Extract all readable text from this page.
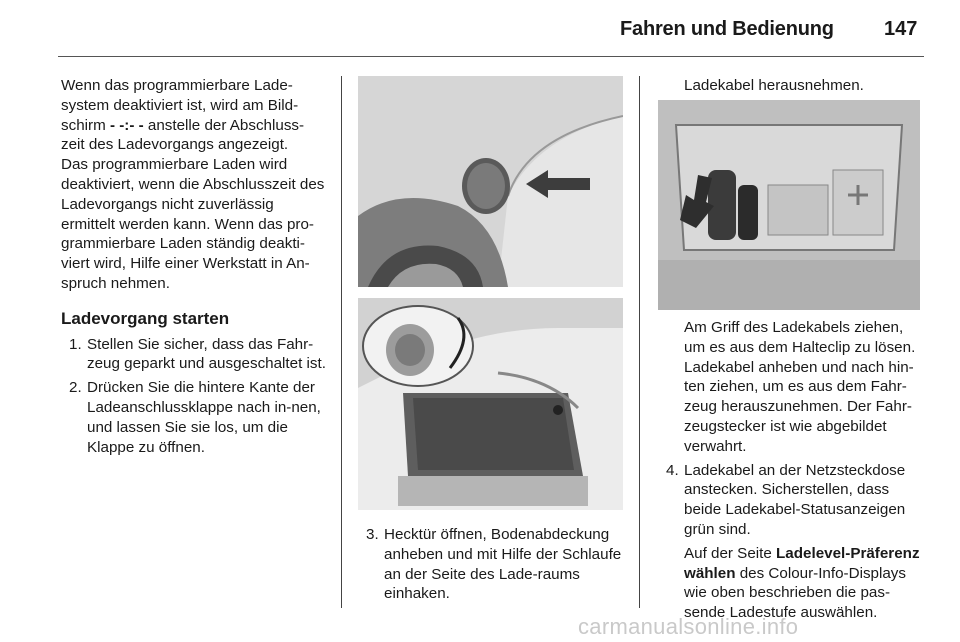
Fahren und Bedienung	147

Wenn das programmierbare Lade-system deaktiviert ist, wird am Bild-schirm - -:- - anstelle der Abschluss-zeit des Ladevorgangs angezeigt.

Das programmierbare Laden wird deaktiviert, wenn die Abschlusszeit des Ladevorgangs nicht zuverlässig ermittelt werden kann. Wenn das pro-grammierbare Laden ständig deakti-viert wird, Hilfe einer Werkstatt in An-spruch nehmen.

Ladevorgang starten

1. Stellen Sie sicher, dass das Fahr-zeug geparkt und ausgeschaltet ist.
2. Drücken Sie die hintere Kante der Ladeanschlussklappe nach in-nen, und lassen Sie sie los, um die Klappe zu öffnen.
3. Hecktür öffnen, Bodenabdeckung anheben und mit Hilfe der Schlaufe an der Seite des Lade-raums einhaken.

Ladekabel herausnehmen.

Am Griff des Ladekabels ziehen, um es aus dem Halteclip zu lösen. Ladekabel anheben und nach hin-ten ziehen, um es aus dem Fahr-zeug herauszunehmen. Der Fahr-zeugstecker ist wie abgebildet verwahrt.

4. Ladekabel an der Netzsteckdose anstecken. Sicherstellen, dass beide Ladekabel-Statusanzeigen grün sind.

Auf der Seite Ladelevel-Präferenz wählen des Colour-Info-Displays wie oben beschrieben die pas-sende Ladestufe auswählen.

carmanualsonline.info
